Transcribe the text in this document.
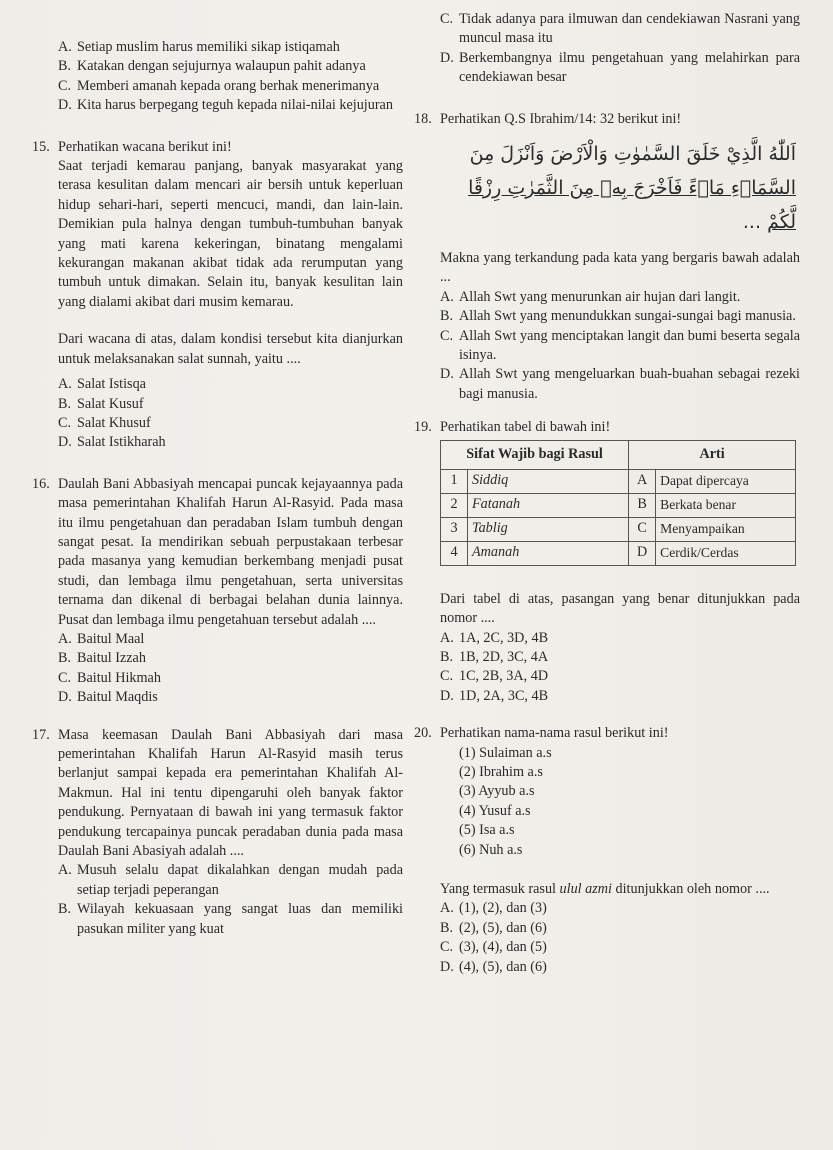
A. Setiap muslim harus memiliki sikap istiqamah
B. Katakan dengan sejujurnya walaupun pahit adanya
C. Memberi amanah kepada orang berhak menerimanya
D. Kita harus berpegang teguh kepada nilai-nilai kejujuran
15. Perhatikan wacana berikut ini!
Saat terjadi kemarau panjang, banyak masyarakat yang terasa kesulitan dalam mencari air bersih untuk keperluan hidup sehari-hari, seperti mencuci, mandi, dan lain-lain. Demikian pula halnya dengan tumbuh-tumbuhan banyak yang mati karena kekeringan, binatang mengalami kekurangan makanan akibat tidak ada rerumputan yang tumbuh untuk dimakan. Selain itu, banyak kesulitan lain yang dialami akibat dari musim kemarau.
Dari wacana di atas, dalam kondisi tersebut kita dianjurkan untuk melaksanakan salat sunnah, yaitu ....
A. Salat Istisqa
B. Salat Kusuf
C. Salat Khusuf
D. Salat Istikharah
16. Daulah Bani Abbasiyah mencapai puncak kejayaannya pada masa pemerintahan Khalifah Harun Al-Rasyid. Pada masa itu ilmu pengetahuan dan peradaban Islam tumbuh dengan sangat pesat. Ia mendirikan sebuah perpustakaan terbesar pada masanya yang kemudian berkembang menjadi pusat studi, dan lembaga ilmu pengetahuan, serta universitas ternama dan dikenal di berbagai belahan dunia lainnya. Pusat dan lembaga ilmu pengetahuan tersebut adalah ....
A. Baitul Maal
B. Baitul Izzah
C. Baitul Hikmah
D. Baitul Maqdis
17. Masa keemasan Daulah Bani Abbasiyah dari masa pemerintahan Khalifah Harun Al-Rasyid masih terus berlanjut sampai kepada era pemerintahan Khalifah Al-Makmun. Hal ini tentu dipengaruhi oleh banyak faktor pendukung. Pernyataan di bawah ini yang termasuk faktor pendukung tercapainya puncak peradaban dunia pada masa Daulah Bani Abasiyah adalah ....
A. Musuh selalu dapat dikalahkan dengan mudah pada setiap terjadi peperangan
B. Wilayah kekuasaan yang sangat luas dan memiliki pasukan militer yang kuat
C. Tidak adanya para ilmuwan dan cendekiawan Nasrani yang muncul masa itu
D. Berkembangnya ilmu pengetahuan yang melahirkan para cendekiawan besar
18. Perhatikan Q.S Ibrahim/14: 32 berikut ini!
اَللّٰهُ الَّذِيْ خَلَقَ السَّمٰوٰتِ وَالْاَرْضَ وَاَنْزَلَ مِنَ
السَّمَاۤءِ مَاۤءً فَاَخْرَجَ بِهٖ مِنَ الثَّمَرٰتِ رِزْقًا لَّكُمْ ...
Makna yang terkandung pada kata yang bergaris bawah adalah ...
A. Allah Swt yang menurunkan air hujan dari langit.
B. Allah Swt yang menundukkan sungai-sungai bagi manusia.
C. Allah Swt yang menciptakan langit dan bumi beserta segala isinya.
D. Allah Swt yang mengeluarkan buah-buahan sebagai rezeki bagi manusia.
19. Perhatikan tabel di bawah ini!
Sifat Wajib bagi Rasul		Arti	
1	Siddiq	A	Dapat dipercaya
2	Fatanah	B	Berkata benar
3	Tablig	C	Menyampaikan
4	Amanah	D	Cerdik/Cerdas
Dari tabel di atas, pasangan yang benar ditunjukkan pada nomor ....
A. 1A, 2C, 3D, 4B
B. 1B, 2D, 3C, 4A
C. 1C, 2B, 3A, 4D
D. 1D, 2A, 3C, 4B
20. Perhatikan nama-nama rasul berikut ini!
(1) Sulaiman a.s
(2) Ibrahim a.s
(3) Ayyub a.s
(4) Yusuf a.s
(5) Isa a.s
(6) Nuh a.s
Yang termasuk rasul ulul azmi ditunjukkan oleh nomor ....
A. (1), (2), dan (3)
B. (2), (5), dan (6)
C. (3), (4), dan (5)
D. (4), (5), dan (6)
